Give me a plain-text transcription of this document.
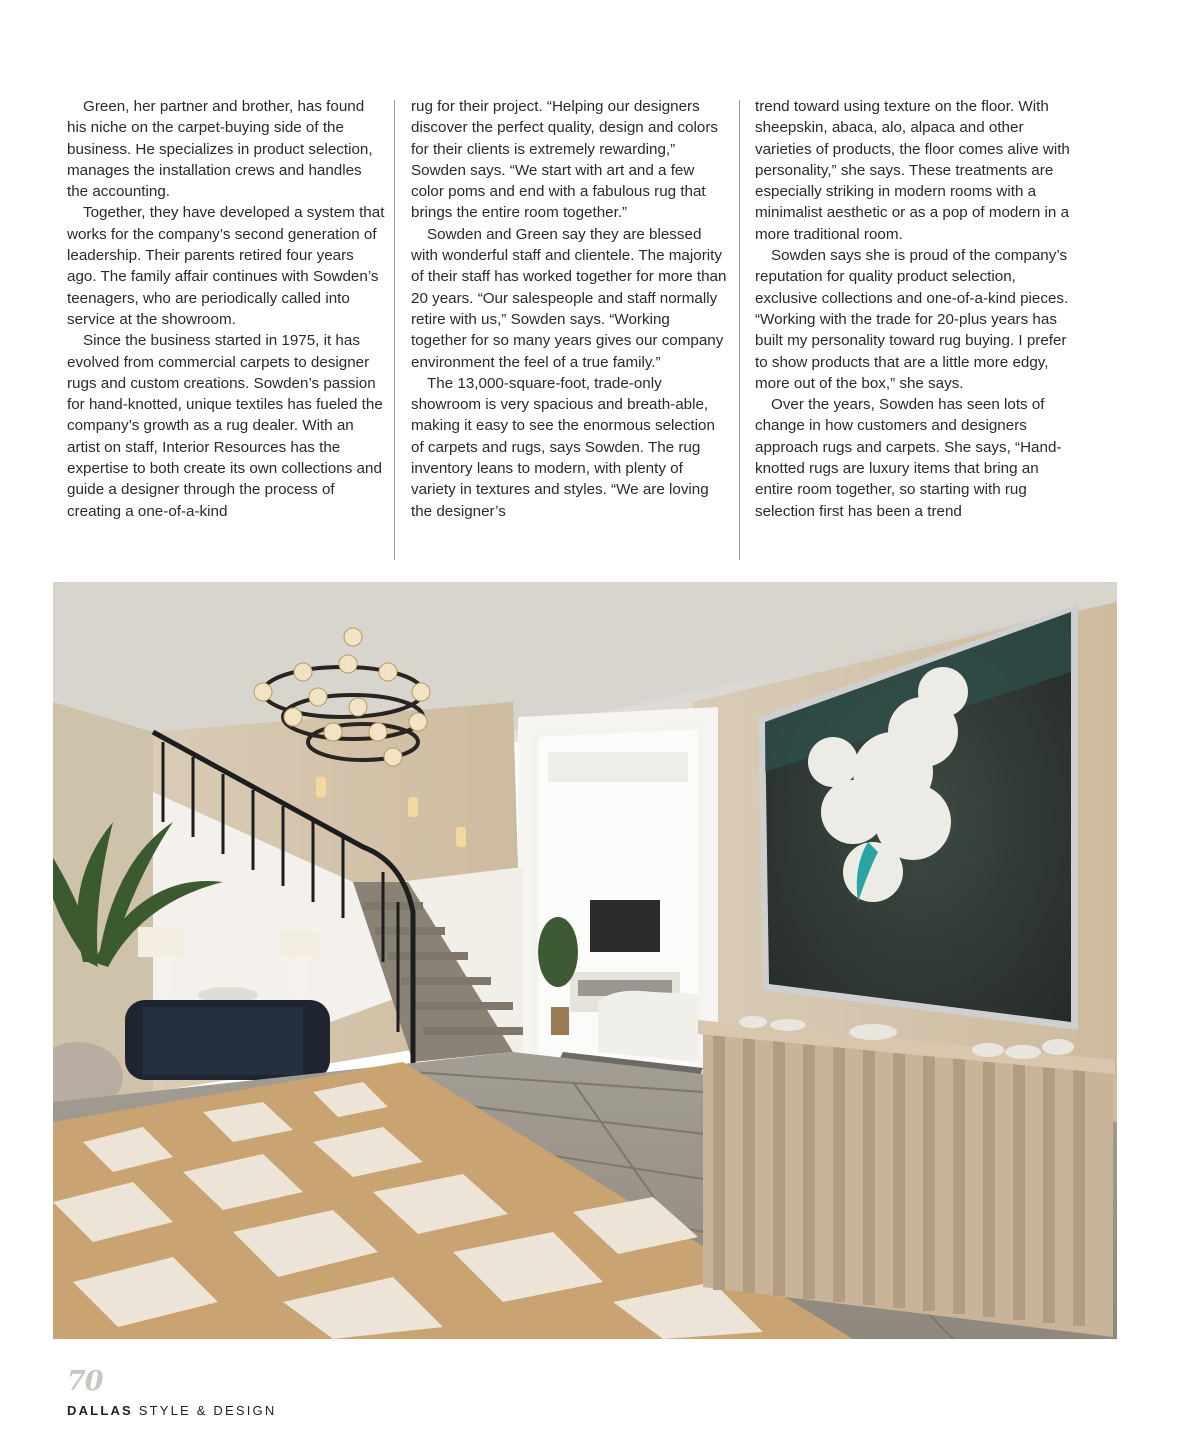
Green, her partner and brother, has found his niche on the carpet-buying side of the business. He specializes in product selection, manages the installation crews and handles the accounting.

Together, they have developed a system that works for the company’s second generation of leadership. Their parents retired four years ago. The family affair continues with Sowden’s teenagers, who are periodically called into service at the showroom.

Since the business started in 1975, it has evolved from commercial carpets to designer rugs and custom creations. Sowden’s passion for hand-knotted, unique textiles has fueled the company’s growth as a rug dealer. With an artist on staff, Interior Resources has the expertise to both create its own collections and guide a designer through the process of creating a one-of-a-kind

rug for their project. “Helping our designers discover the perfect quality, design and colors for their clients is extremely rewarding,” Sowden says. “We start with art and a few color poms and end with a fabulous rug that brings the entire room together.”

Sowden and Green say they are blessed with wonderful staff and clientele. The majority of their staff has worked together for more than 20 years. “Our salespeople and staff normally retire with us,” Sowden says. “Working together for so many years gives our company environment the feel of a true family.”

The 13,000-square-foot, trade-only showroom is very spacious and breath-able, making it easy to see the enormous selection of carpets and rugs, says Sowden. The rug inventory leans to modern, with plenty of variety in textures and styles. “We are loving the designer’s

trend toward using texture on the floor. With sheepskin, abaca, alo, alpaca and other varieties of products, the floor comes alive with personality,” she says. These treatments are especially striking in modern rooms with a minimalist aesthetic or as a pop of modern in a more traditional room.

Sowden says she is proud of the company’s reputation for quality product selection, exclusive collections and one-of-a-kind pieces. “Working with the trade for 20-plus years has built my personality toward rug buying. I prefer to show products that are a little more edgy, more out of the box,” she says.

Over the years, Sowden has seen lots of change in how customers and designers approach rugs and carpets. She says, “Hand-knotted rugs are luxury items that bring an entire room together, so starting with rug selection first has been a trend

70
DALLAS STYLE & DESIGN
